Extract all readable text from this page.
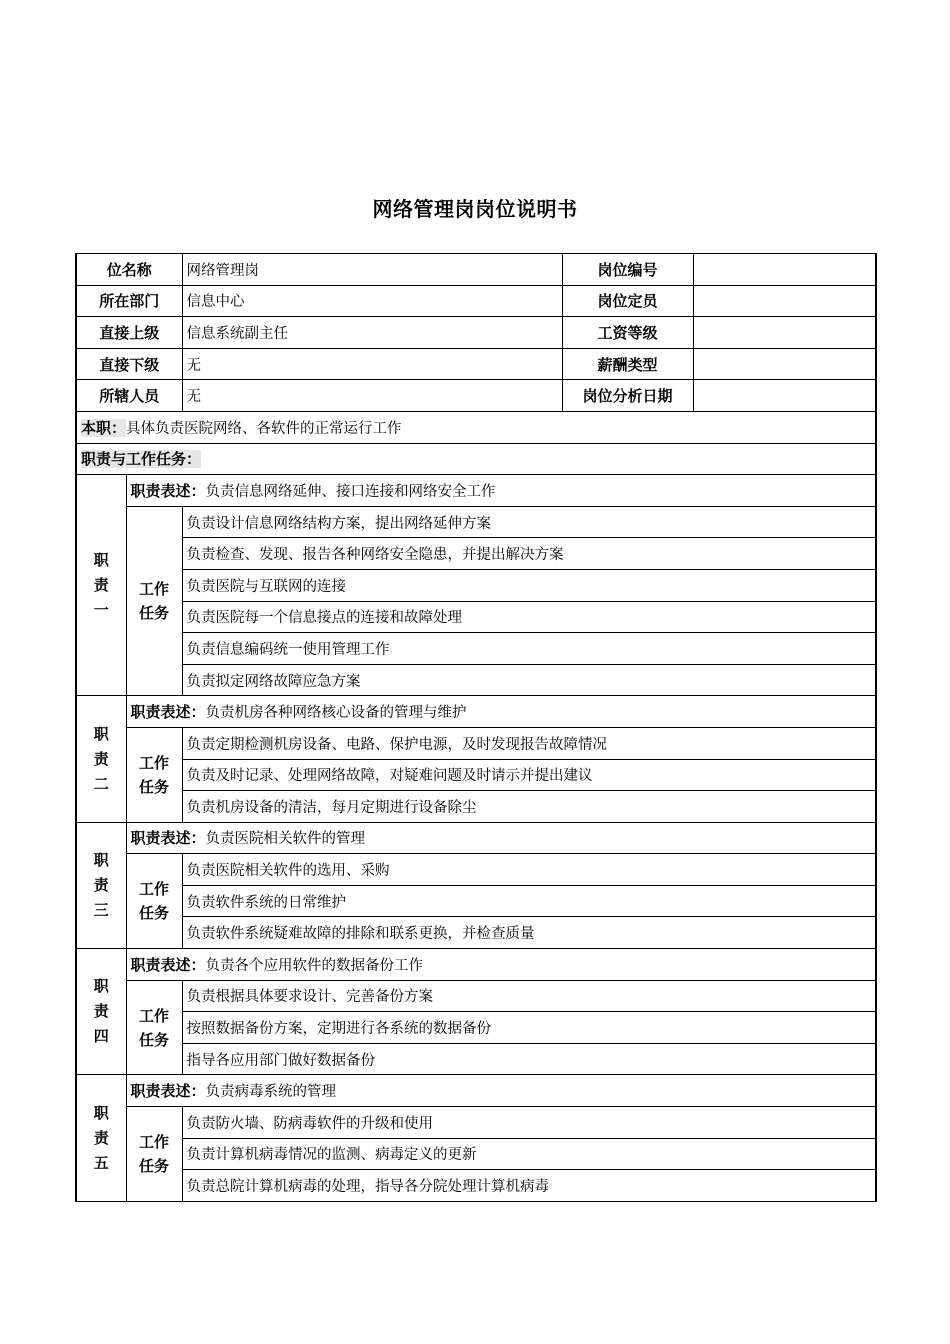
网络管理岗岗位说明书
位名称		网络管理岗	岗位编号	
所在部门		信息中心	岗位定员	
直接上级		信息系统副主任	工资等级	
直接下级		无	薪酬类型	
所辖人员		无	岗位分析日期	
本职：具体负责医院网络、各软件的正常运行工作				
职责与工作任务：				

职
责
一	职责表述：负责信息网络延伸、接口连接和网络安全工作			

	工作
任务	负责设计信息网络结构方案，提出网络延伸方案		
		负责检查、发现、报告各种网络安全隐患，并提出解决方案		
		负责医院与互联网的连接		
		负责医院每一个信息接点的连接和故障处理		
		负责信息编码统一使用管理工作		
		负责拟定网络故障应急方案		

职
责
二	职责表述：负责机房各种网络核心设备的管理与维护			

	工作
任务	负责定期检测机房设备、电路、保护电源，及时发现报告故障情况		
		负责及时记录、处理网络故障，对疑难问题及时请示并提出建议		
		负责机房设备的清洁，每月定期进行设备除尘		

职
责
三	职责表述：负责医院相关软件的管理			

	工作
任务	负责医院相关软件的选用、采购		
		负责软件系统的日常维护		
		负责软件系统疑难故障的排除和联系更换，并检查质量		

职
责
四	职责表述：负责各个应用软件的数据备份工作			

	工作
任务	负责根据具体要求设计、完善备份方案		
		按照数据备份方案，定期进行各系统的数据备份		
		指导各应用部门做好数据备份		

职
责
五	职责表述：负责病毒系统的管理			

	工作
任务	负责防火墙、防病毒软件的升级和使用		
		负责计算机病毒情况的监测、病毒定义的更新		
		负责总院计算机病毒的处理，指导各分院处理计算机病毒		
